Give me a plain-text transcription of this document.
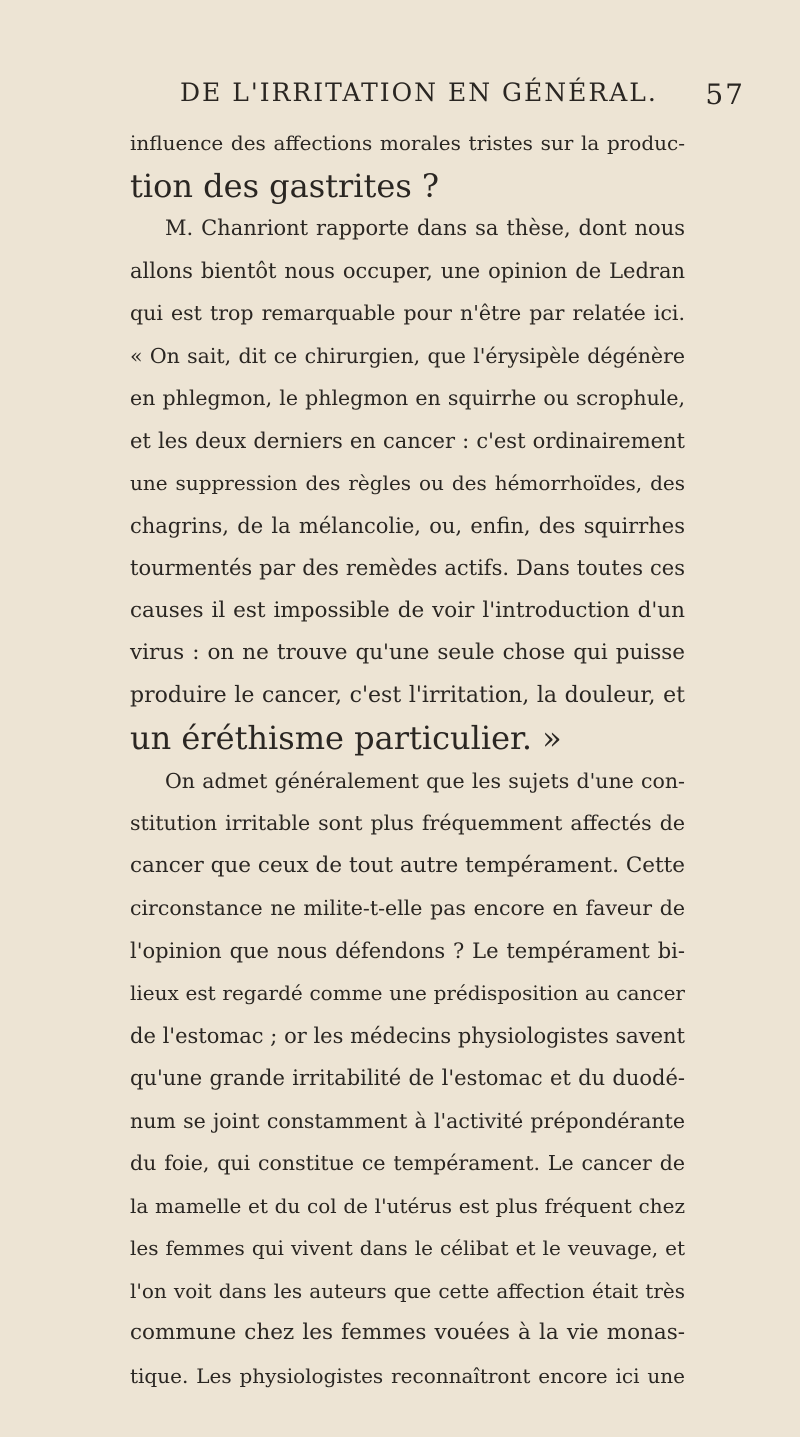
DE L'IRRITATION EN GÉNÉRAL. 57
influence des affections morales tristes sur la produc-
tion des gastrites ?
M. Chanriont rapporte dans sa thèse, dont nous
allons bientôt nous occuper, une opinion de Ledran
qui est trop remarquable pour n'être par relatée ici.
« On sait, dit ce chirurgien, que l'érysipèle dégénère
en phlegmon, le phlegmon en squirrhe ou scrophule,
et les deux derniers en cancer : c'est ordinairement
une suppression des règles ou des hémorrhoïdes, des
chagrins, de la mélancolie, ou, enfin, des squirrhes
tourmentés par des remèdes actifs. Dans toutes ces
causes il est impossible de voir l'introduction d'un
virus : on ne trouve qu'une seule chose qui puisse
produire le cancer, c'est l'irritation, la douleur, et
un éréthisme particulier. »
On admet généralement que les sujets d'une con-
stitution irritable sont plus fréquemment affectés de
cancer que ceux de tout autre tempérament. Cette
circonstance ne milite-t-elle pas encore en faveur de
l'opinion que nous défendons ? Le tempérament bi-
lieux est regardé comme une prédisposition au cancer
de l'estomac ; or les médecins physiologistes savent
qu'une grande irritabilité de l'estomac et du duodé-
num se joint constamment à l'activité prépondérante
du foie, qui constitue ce tempérament. Le cancer de
la mamelle et du col de l'utérus est plus fréquent chez
les femmes qui vivent dans le célibat et le veuvage, et
l'on voit dans les auteurs que cette affection était très
commune chez les femmes vouées à la vie monas-
tique. Les physiologistes reconnaîtront encore ici une
